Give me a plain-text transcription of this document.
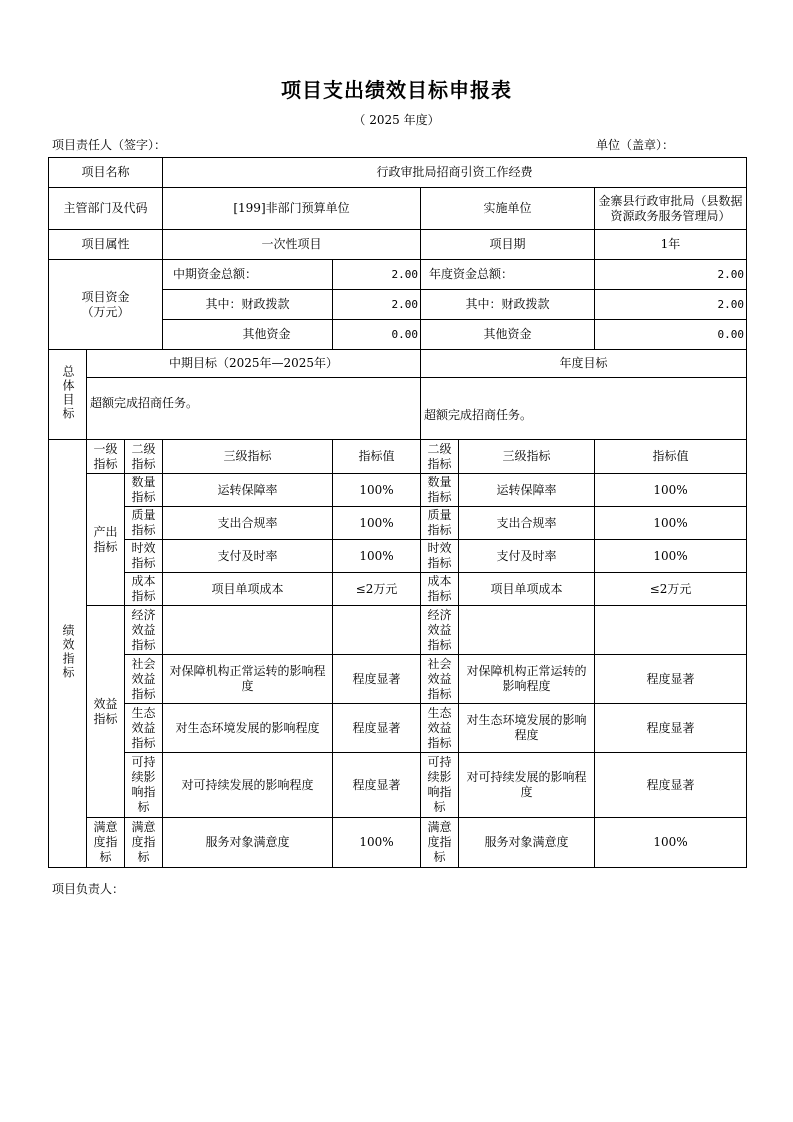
项目支出绩效目标申报表
（ 2025 年度）
项目责任人（签字）：	单位（盖章）：
项目名称			行政审批局招商引资工作经费				
主管部门及代码			[199]非部门预算单位		实施单位		金寨县行政审批局（县数据资源政务服务管理局）
项目属性			一次性项目		项目期		1年
项目资金（万元）			中期资金总额：	2.00	年度资金总额：		2.00
			其中：财政拨款	2.00	其中：财政拨款		2.00
			其他资金	0.00	其他资金		0.00
总体目标	中期目标（2025年—2025年）				年度目标		
	超额完成招商任务。				超额完成招商任务。		
绩效指标	一级指标	二级指标	三级指标	指标值	二级指标	三级指标	指标值
	产出指标	数量指标	运转保障率	100%	数量指标	运转保障率	100%
		质量指标	支出合规率	100%	质量指标	支出合规率	100%
		时效指标	支付及时率	100%	时效指标	支付及时率	100%
		成本指标	项目单项成本	≤2万元	成本指标	项目单项成本	≤2万元
	效益指标	经济效益指标			经济效益指标		
		社会效益指标	对保障机构正常运转的影响程度	程度显著	社会效益指标	对保障机构正常运转的影响程度	程度显著
		生态效益指标	对生态环境发展的影响程度	程度显著	生态效益指标	对生态环境发展的影响程度	程度显著
		可持续影响指标	对可持续发展的影响程度	程度显著	可持续影响指标	对可持续发展的影响程度	程度显著
	满意度指标	满意度指标	服务对象满意度	100%	满意度指标	服务对象满意度	100%
项目负责人：
